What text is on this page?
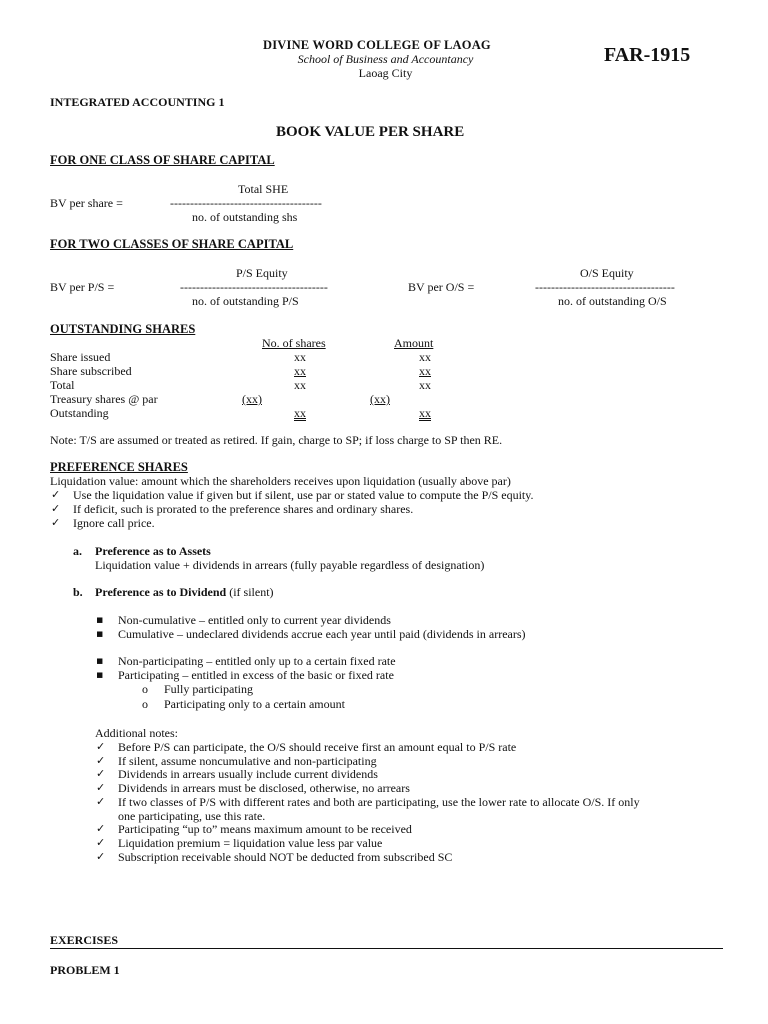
DIVINE WORD COLLEGE OF LAOAG
School of Business and Accountancy
Laoag City
FAR-1915
INTEGRATED ACCOUNTING 1
BOOK VALUE PER SHARE
FOR ONE CLASS OF SHARE CAPITAL
Total SHE
BV per share =	--------------------------------------
no. of outstanding shs
FOR TWO CLASSES OF SHARE CAPITAL
P/S Equity
BV per P/S =	-------------------------------------
no. of outstanding P/S
O/S Equity
BV per O/S =	-----------------------------------
no. of outstanding O/S
OUTSTANDING SHARES
No. of shares	Amount
Share issued	xx	xx
Share subscribed	xx	xx
Total	xx	xx
Treasury shares @ par	(xx)	(xx)
Outstanding	xx	xx
Note: T/S are assumed or treated as retired. If gain, charge to SP; if loss charge to SP then RE.
PREFERENCE SHARES
Liquidation value: amount which the shareholders receives upon liquidation (usually above par)
✓ Use the liquidation value if given but if silent, use par or stated value to compute the P/S equity.
✓ If deficit, such is prorated to the preference shares and ordinary shares.
✓ Ignore call price.
a. Preference as to Assets
Liquidation value + dividends in arrears (fully payable regardless of designation)
b. Preference as to Dividend (if silent)
▪ Non-cumulative – entitled only to current year dividends
▪ Cumulative – undeclared dividends accrue each year until paid (dividends in arrears)
▪ Non-participating – entitled only up to a certain fixed rate
▪ Participating – entitled in excess of the basic or fixed rate
o Fully participating
o Participating only to a certain amount
Additional notes:
✓ Before P/S can participate, the O/S should receive first an amount equal to P/S rate
✓ If silent, assume noncumulative and non-participating
✓ Dividends in arrears usually include current dividends
✓ Dividends in arrears must be disclosed, otherwise, no arrears
✓ If two classes of P/S with different rates and both are participating, use the lower rate to allocate O/S. If only
one participating, use this rate.
✓ Participating “up to” means maximum amount to be received
✓ Liquidation premium = liquidation value less par value
✓ Subscription receivable should NOT be deducted from subscribed SC
EXERCISES
PROBLEM 1
